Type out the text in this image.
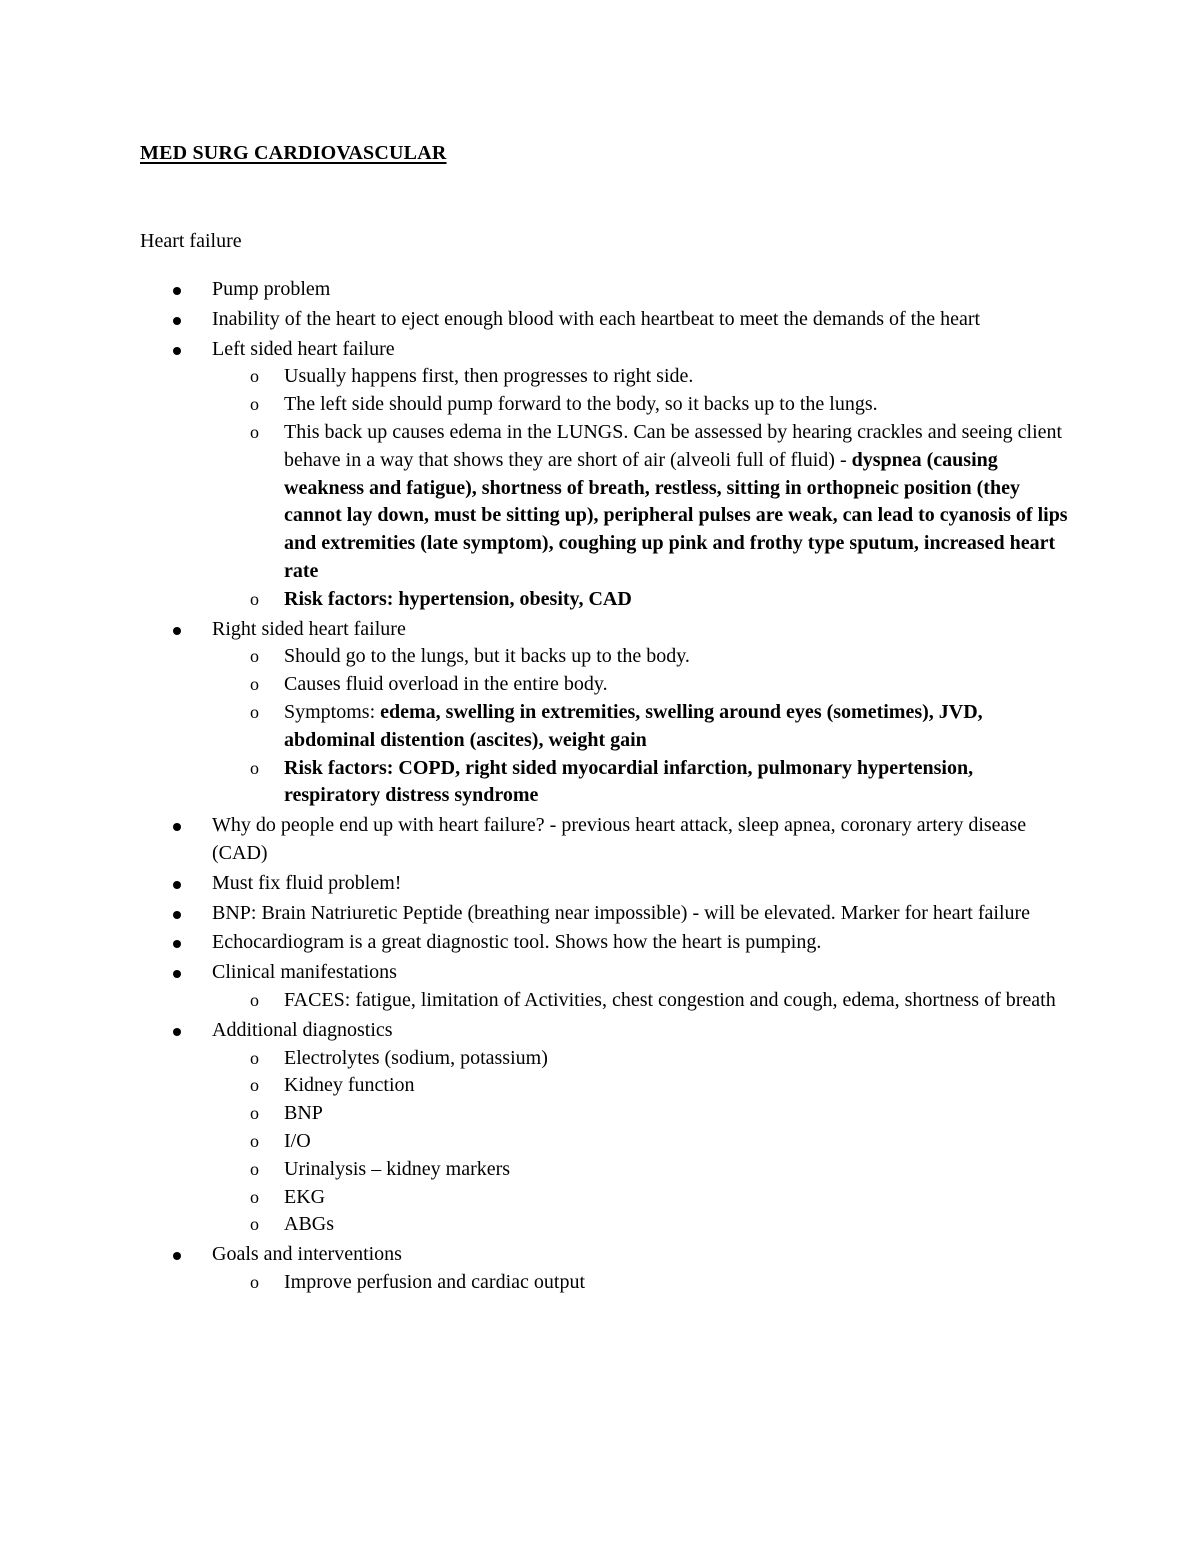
MED SURG CARDIOVASCULAR
Heart failure
Pump problem
Inability of the heart to eject enough blood with each heartbeat to meet the demands of the heart
Left sided heart failure
o Usually happens first, then progresses to right side.
o The left side should pump forward to the body, so it backs up to the lungs.
o This back up causes edema in the LUNGS. Can be assessed by hearing crackles and seeing client behave in a way that shows they are short of air (alveoli full of fluid) - dyspnea (causing weakness and fatigue), shortness of breath, restless, sitting in orthopneic position (they cannot lay down, must be sitting up), peripheral pulses are weak, can lead to cyanosis of lips and extremities (late symptom), coughing up pink and frothy type sputum, increased heart rate
o Risk factors: hypertension, obesity, CAD
Right sided heart failure
o Should go to the lungs, but it backs up to the body.
o Causes fluid overload in the entire body.
o Symptoms: edema, swelling in extremities, swelling around eyes (sometimes), JVD, abdominal distention (ascites), weight gain
o Risk factors: COPD, right sided myocardial infarction, pulmonary hypertension, respiratory distress syndrome
Why do people end up with heart failure? - previous heart attack, sleep apnea, coronary artery disease (CAD)
Must fix fluid problem!
BNP: Brain Natriuretic Peptide (breathing near impossible) - will be elevated. Marker for heart failure
Echocardiogram is a great diagnostic tool. Shows how the heart is pumping.
Clinical manifestations
o FACES: fatigue, limitation of Activities, chest congestion and cough, edema, shortness of breath
Additional diagnostics
o Electrolytes (sodium, potassium)
o Kidney function
o BNP
o I/O
o Urinalysis – kidney markers
o EKG
o ABGs
Goals and interventions
o Improve perfusion and cardiac output
